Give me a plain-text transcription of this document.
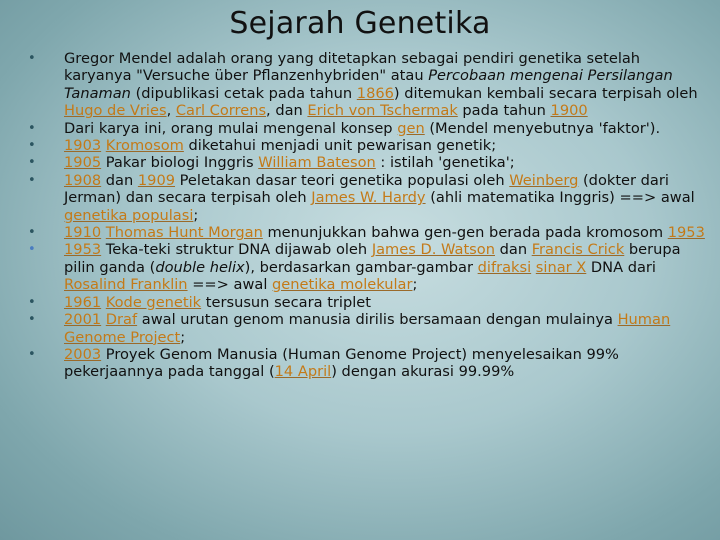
Sejarah Genetika
• Gregor Mendel adalah orang yang ditetapkan sebagai pendiri genetika setelah karyanya "Versuche über Pflanzenhybriden" atau Percobaan mengenai Persilangan Tanaman (dipublikasi cetak pada tahun 1866) ditemukan kembali secara terpisah oleh Hugo de Vries, Carl Correns, dan Erich von Tschermak pada tahun 1900
• Dari karya ini, orang mulai mengenal konsep gen (Mendel menyebutnya 'faktor').
• 1903 Kromosom diketahui menjadi unit pewarisan genetik;
• 1905 Pakar biologi Inggris William Bateson : istilah 'genetika';
• 1908 dan 1909 Peletakan dasar teori genetika populasi oleh Weinberg (dokter dari Jerman) dan secara terpisah oleh James W. Hardy (ahli matematika Inggris) ==> awal genetika populasi;
• 1910 Thomas Hunt Morgan menunjukkan bahwa gen-gen berada pada kromosom 1953
• 1953 Teka-teki struktur DNA dijawab oleh James D. Watson dan Francis Crick berupa pilin ganda (double helix), berdasarkan gambar-gambar difraksi sinar X DNA dari Rosalind Franklin ==> awal genetika molekular;
• 1961 Kode genetik tersusun secara triplet
• 2001 Draf awal urutan genom manusia dirilis bersamaan dengan mulainya Human Genome Project;
• 2003 Proyek Genom Manusia (Human Genome Project) menyelesaikan 99% pekerjaannya pada tanggal (14 April) dengan akurasi 99.99%
